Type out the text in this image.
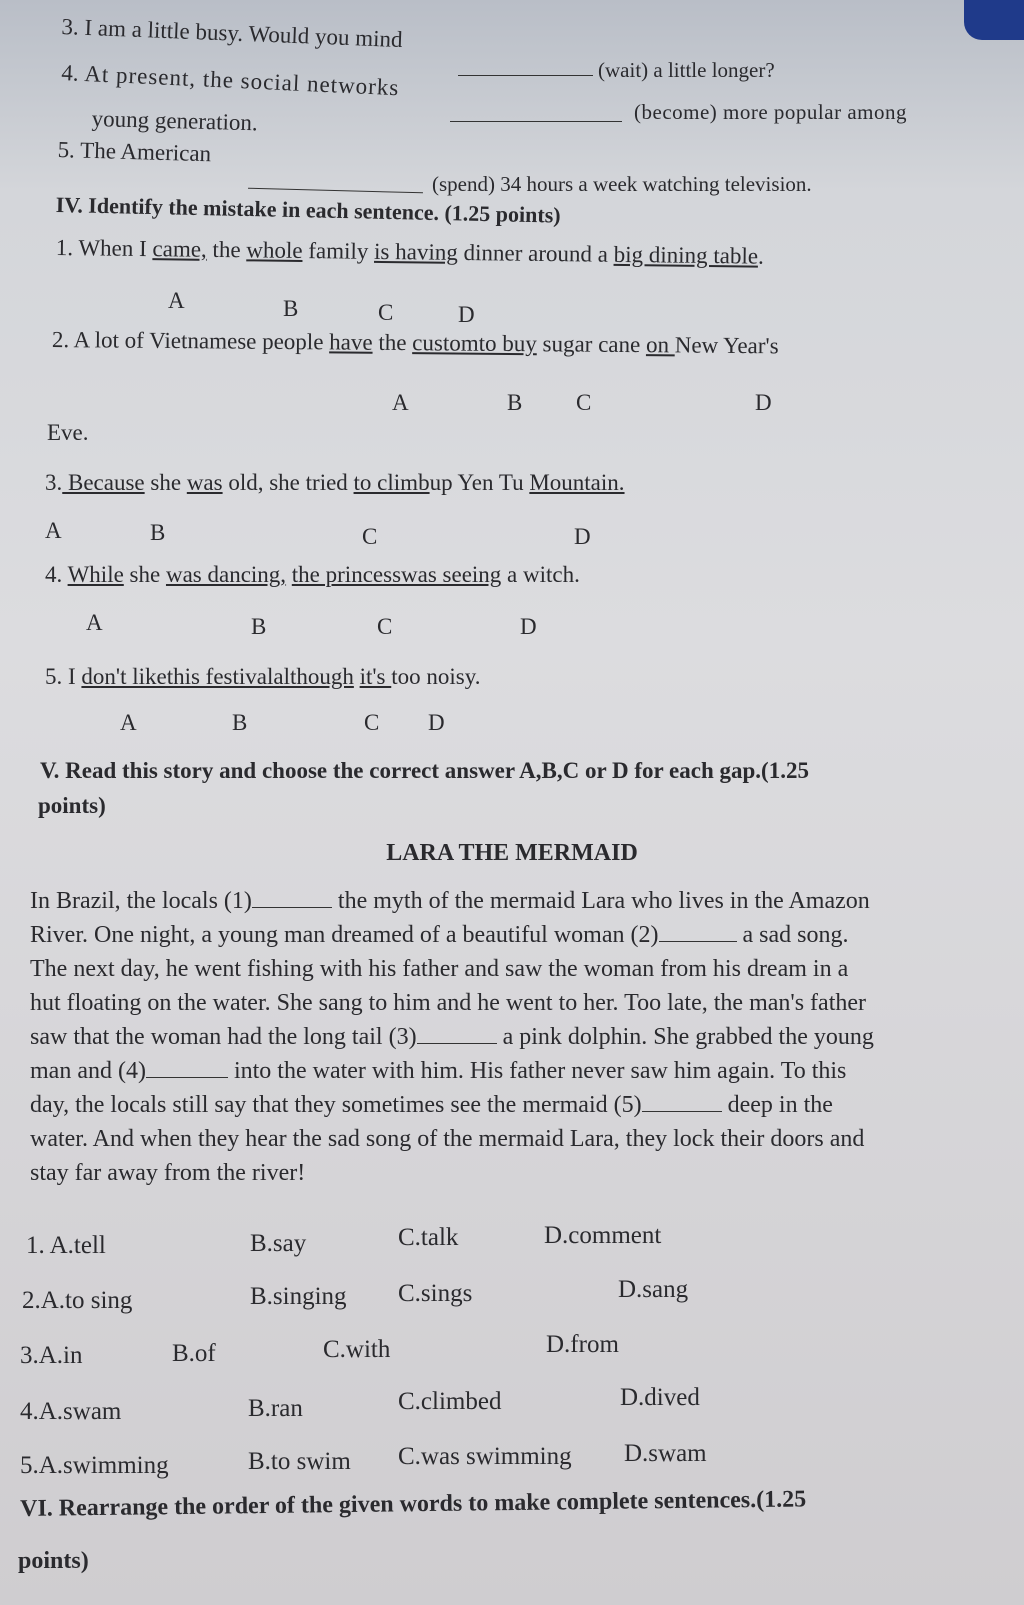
3. I am a little busy. Would you mind
(wait) a little longer?
4. At present, the social networks
young generation.	(become) more popular among
5. The American
(spend) 34 hours a week watching television.
IV. Identify the mistake in each sentence. (1.25 points)
1. When I came, the whole family is having dinner around a big dining table.
A	B	C	D
2. A lot of Vietnamese people have the customto buy sugar cane on New Year's
A	B C	D
Eve.
3. Because she was old, she tried to climbup Yen Tu Mountain.
A	B	C	D
4. While she was dancing, the princesswas seeing a witch.
A	B	C	D
5. I don't likethis festivalalthough it's too noisy.
A	B	C D
V. Read this story and choose the correct answer A,B,C or D for each gap.(1.25
points)
LARA THE MERMAID
In Brazil, the locals (1)	the myth of the mermaid Lara who lives in the Amazon
River. One night, a young man dreamed of a beautiful woman (2)	a sad song.
The next day, he went fishing with his father and saw the woman from his dream in a
hut floating on the water. She sang to him and he went to her. Too late, the man's father
saw that the woman had the long tail (3)	a pink dolphin. She grabbed the young
man and (4)	into the water with him. His father never saw him again. To this
day, the locals still say that they sometimes see the mermaid (5)	deep in the
water. And when they hear the sad song of the mermaid Lara, they lock their doors and
stay far away from the river!
1. A.tell	B.say	C.talk	D.comment
2.A.to sing	B.singing C.sings	D.sang
3.A.in	B.of	C.with	D.from
4.A.swam	B.ran	C.climbed	D.dived
5.A.swimming	B.to swim C.was swimming D.swam
VI. Rearrange the order of the given words to make complete sentences.(1.25
points)
